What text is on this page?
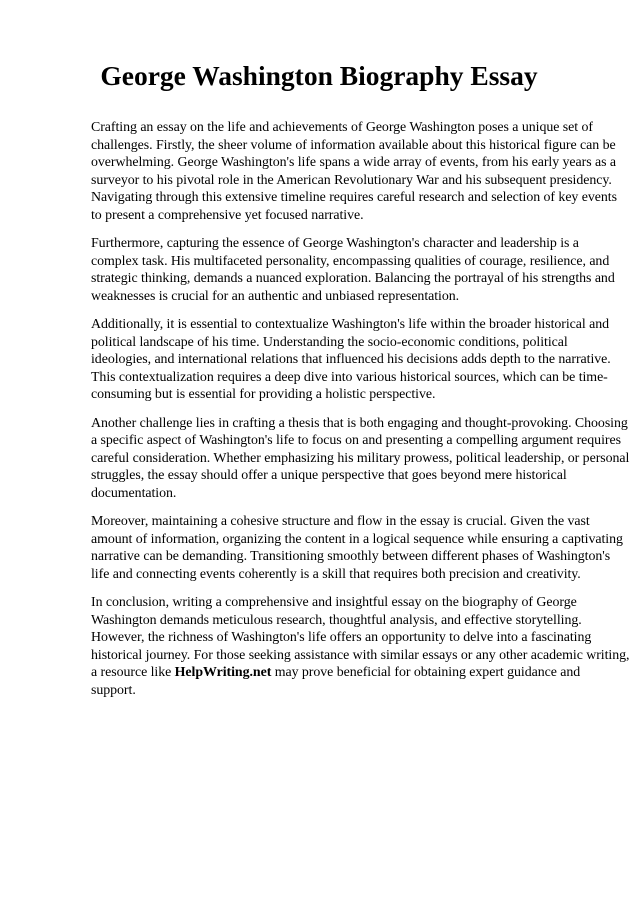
George Washington Biography Essay

Crafting an essay on the life and achievements of George Washington poses a unique set of
challenges. Firstly, the sheer volume of information available about this historical figure can be
overwhelming. George Washington's life spans a wide array of events, from his early years as a
surveyor to his pivotal role in the American Revolutionary War and his subsequent presidency.
Navigating through this extensive timeline requires careful research and selection of key events
to present a comprehensive yet focused narrative.

Furthermore, capturing the essence of George Washington's character and leadership is a
complex task. His multifaceted personality, encompassing qualities of courage, resilience, and
strategic thinking, demands a nuanced exploration. Balancing the portrayal of his strengths and
weaknesses is crucial for an authentic and unbiased representation.

Additionally, it is essential to contextualize Washington's life within the broader historical and
political landscape of his time. Understanding the socio-economic conditions, political
ideologies, and international relations that influenced his decisions adds depth to the narrative.
This contextualization requires a deep dive into various historical sources, which can be time-
consuming but is essential for providing a holistic perspective.

Another challenge lies in crafting a thesis that is both engaging and thought-provoking. Choosing
a specific aspect of Washington's life to focus on and presenting a compelling argument requires
careful consideration. Whether emphasizing his military prowess, political leadership, or personal
struggles, the essay should offer a unique perspective that goes beyond mere historical
documentation.

Moreover, maintaining a cohesive structure and flow in the essay is crucial. Given the vast
amount of information, organizing the content in a logical sequence while ensuring a captivating
narrative can be demanding. Transitioning smoothly between different phases of Washington's
life and connecting events coherently is a skill that requires both precision and creativity.

In conclusion, writing a comprehensive and insightful essay on the biography of George
Washington demands meticulous research, thoughtful analysis, and effective storytelling.
However, the richness of Washington's life offers an opportunity to delve into a fascinating
historical journey. For those seeking assistance with similar essays or any other academic writing,
a resource like HelpWriting.net may prove beneficial for obtaining expert guidance and
support.
